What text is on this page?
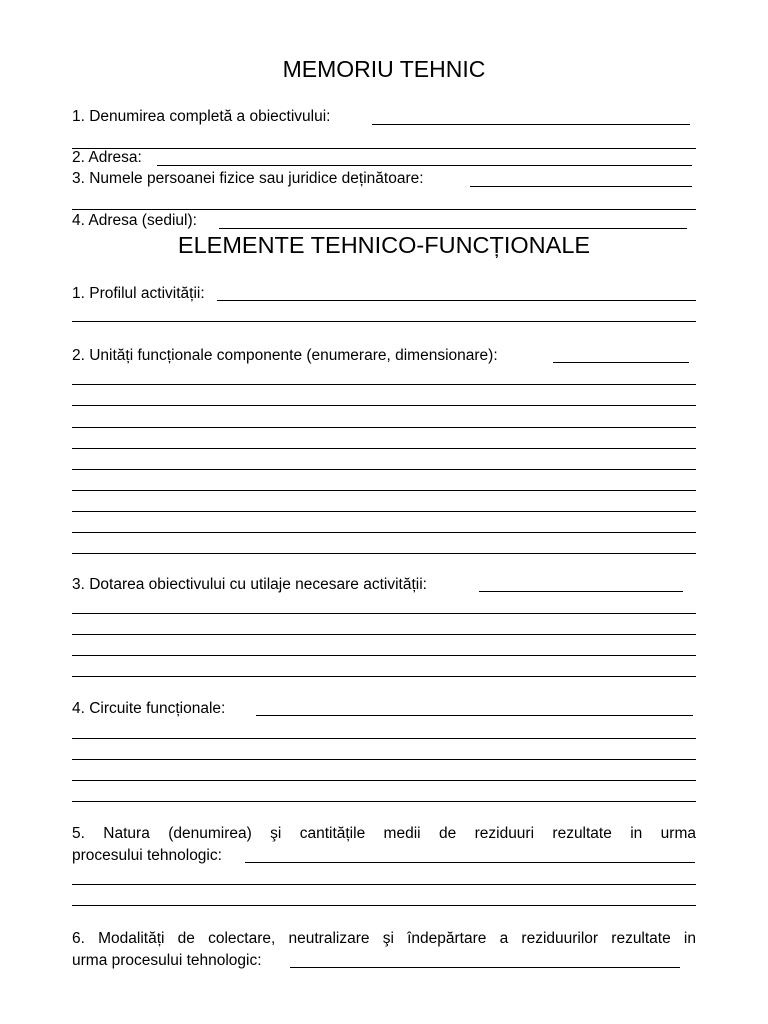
MEMORIU TEHNIC
1. Denumirea completă a obiectivului:
2. Adresa:
3. Numele persoanei fizice sau juridice deținătoare:
4. Adresa (sediul):
ELEMENTE TEHNICO-FUNCȚIONALE
1. Profilul activității:
2. Unități funcționale componente (enumerare, dimensionare):
3. Dotarea obiectivului cu utilaje necesare activității:
4. Circuite funcționale:
5. Natura (denumirea) şi cantitățile medii de reziduuri rezultate in urma
procesului tehnologic:
6. Modalități de colectare, neutralizare şi îndepărtare a reziduurilor rezultate in
urma procesului tehnologic:
